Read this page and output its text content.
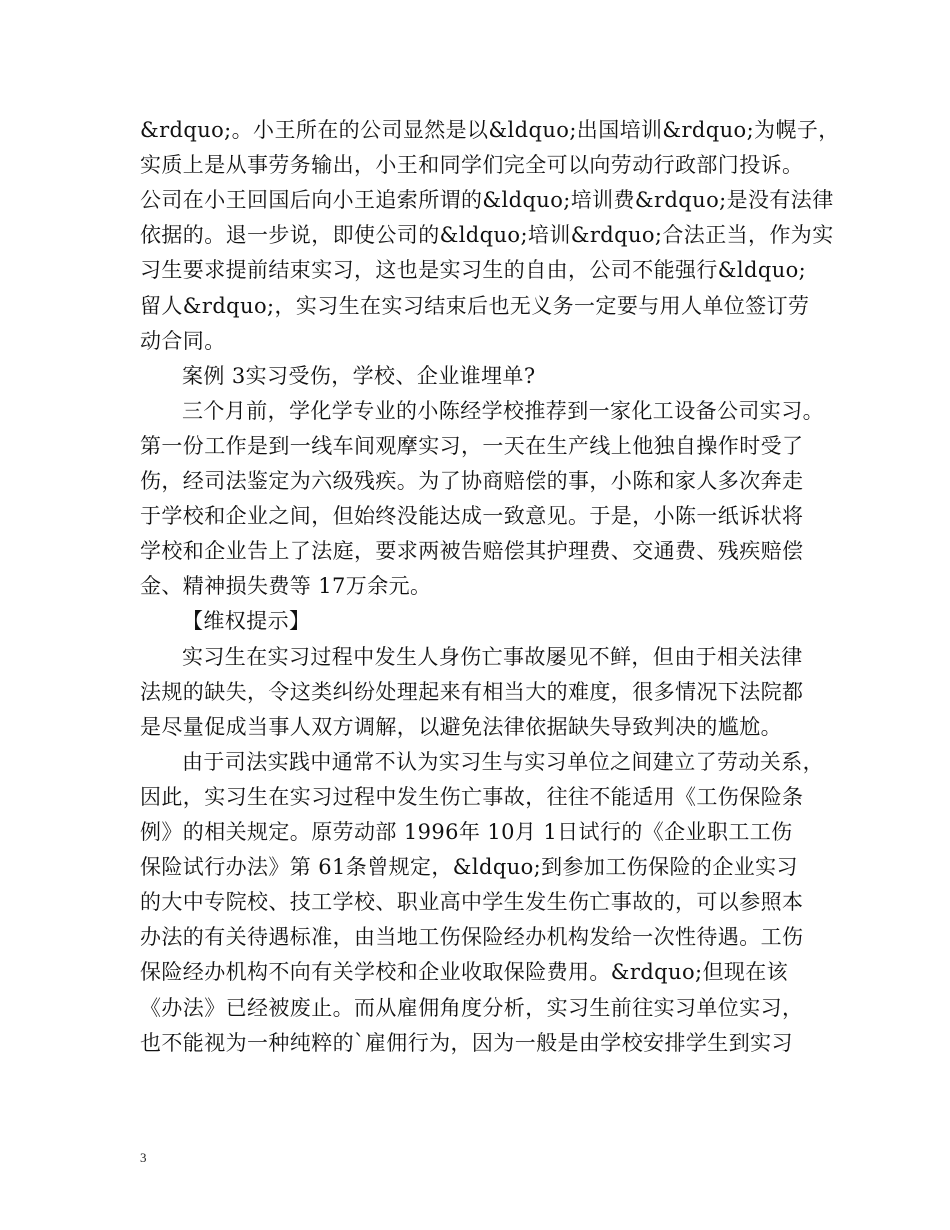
&rdquo;。小王所在的公司显然是以&ldquo;出国培训&rdquo;为幌子，
实质上是从事劳务输出，小王和同学们完全可以向劳动行政部门投诉。
公司在小王回国后向小王追索所谓的&ldquo;培训费&rdquo;是没有法律
依据的。退一步说，即使公司的&ldquo;培训&rdquo;合法正当，作为实
习生要求提前结束实习，这也是实习生的自由，公司不能强行&ldquo;
留人&rdquo;，实习生在实习结束后也无义务一定要与用人单位签订劳
动合同。
案例 3实习受伤，学校、企业谁埋单?
三个月前，学化学专业的小陈经学校推荐到一家化工设备公司实习。
第一份工作是到一线车间观摩实习，一天在生产线上他独自操作时受了
伤，经司法鉴定为六级残疾。为了协商赔偿的事，小陈和家人多次奔走
于学校和企业之间，但始终没能达成一致意见。于是，小陈一纸诉状将
学校和企业告上了法庭，要求两被告赔偿其护理费、交通费、残疾赔偿
金、精神损失费等 17万余元。
【维权提示】
实习生在实习过程中发生人身伤亡事故屡见不鲜，但由于相关法律
法规的缺失，令这类纠纷处理起来有相当大的难度，很多情况下法院都
是尽量促成当事人双方调解，以避免法律依据缺失导致判决的尴尬。
由于司法实践中通常不认为实习生与实习单位之间建立了劳动关系，
因此，实习生在实习过程中发生伤亡事故，往往不能适用《工伤保险条
例》的相关规定。原劳动部 1996年 10月 1日试行的《企业职工工伤
保险试行办法》第 61条曾规定，&ldquo;到参加工伤保险的企业实习
的大中专院校、技工学校、职业高中学生发生伤亡事故的，可以参照本
办法的有关待遇标准，由当地工伤保险经办机构发给一次性待遇。工伤
保险经办机构不向有关学校和企业收取保险费用。&rdquo;但现在该
《办法》已经被废止。而从雇佣角度分析，实习生前往实习单位实习，
也不能视为一种纯粹的`雇佣行为，因为一般是由学校安排学生到实习
3
